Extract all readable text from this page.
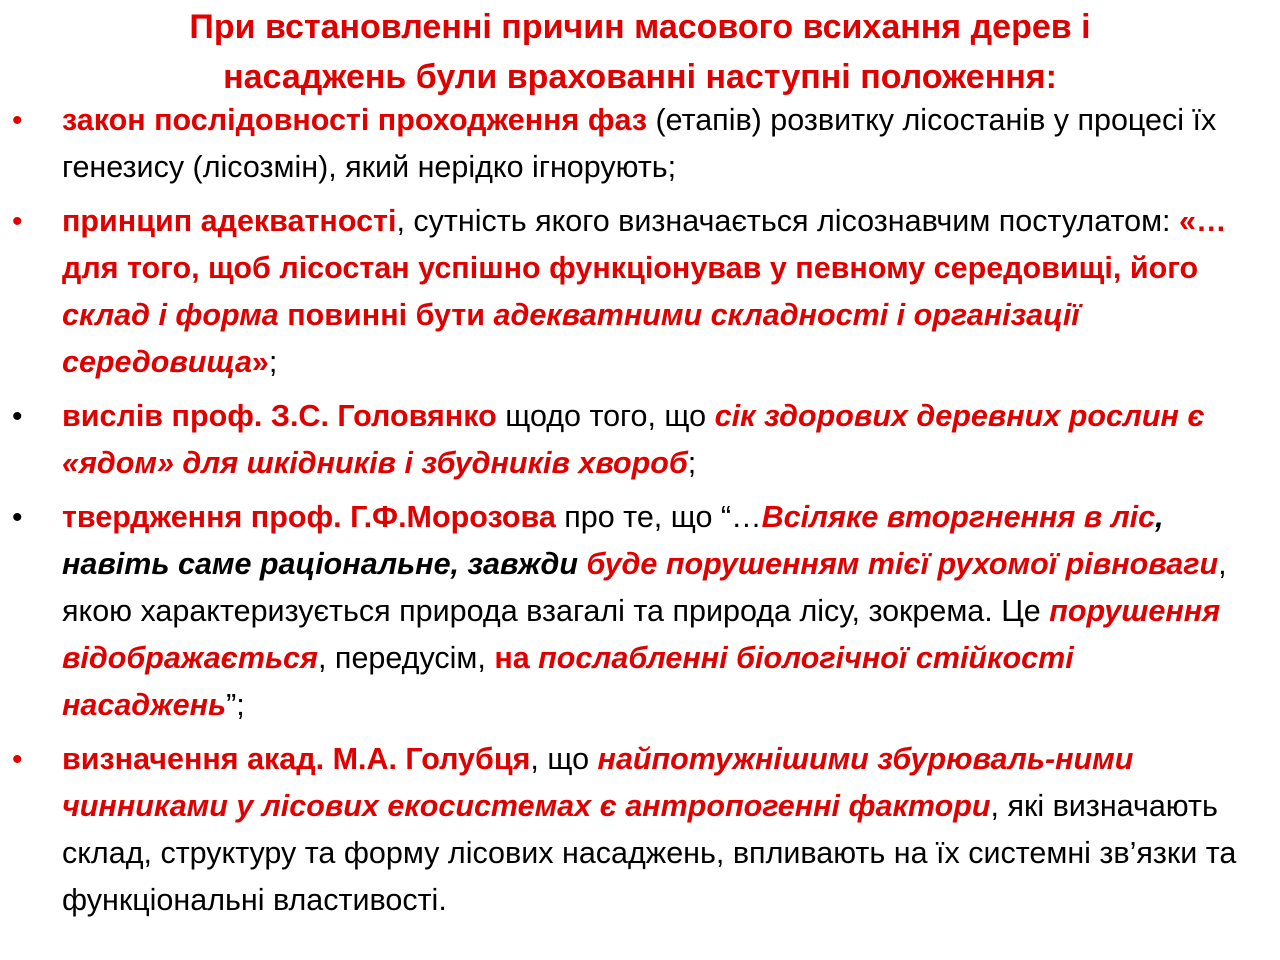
При встановленні причин масового всихання дерев і
насаджень були врахованні наступні положення:
• закон послідовності проходження фаз (етапів) розвитку лісостанів у процесі їх генезису (лісозмін), який нерідко ігнорують;
• принцип адекватності, сутність якого визначається лісознавчим постулатом: «…для того, щоб лісостан успішно функціонував у певному середовищі, його склад і форма повинні бути адекватними складності і організації середовища»;
• вислів проф. З.С. Головянко щодо того, що сік здорових деревних рослин є «ядом» для шкідників і збудників хвороб;
• твердження проф. Г.Ф.Морозова про те, що “…Всіляке вторгнення в ліс, навіть саме раціональне, завжди буде порушенням тієї рухомої рівноваги, якою характеризується природа взагалі та природа лісу, зокрема. Це порушення відображається, передусім, на послабленні біологічної стійкості насаджень”;
• визначення акад. М.А. Голубця, що найпотужнішими збурюваль-ними чинниками у лісових екосистемах є антропогенні фактори, які визначають склад, структуру та форму лісових насаджень, впливають на їх системні зв’язки та функціональні властивості.
